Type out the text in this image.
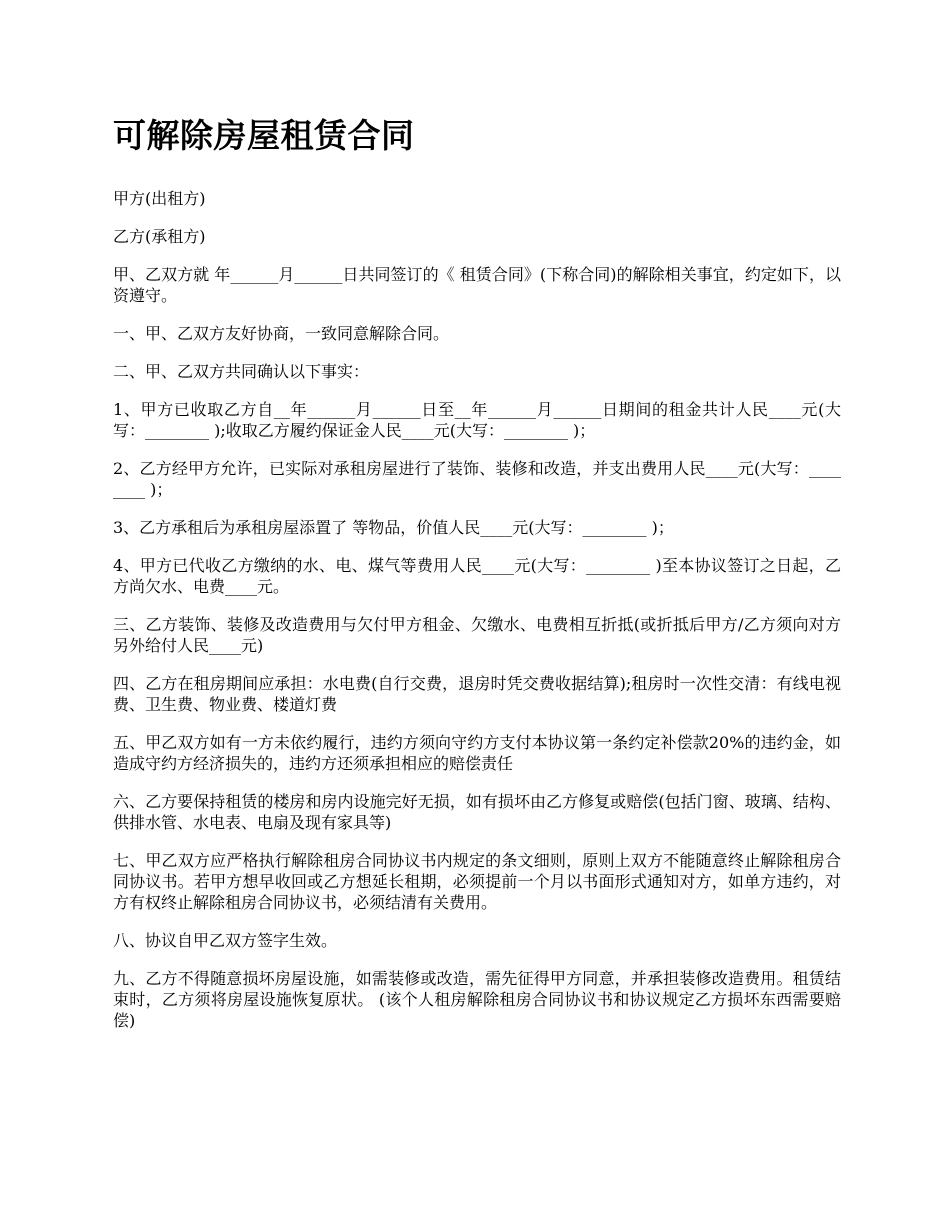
可解除房屋租赁合同

甲方(出租方)

乙方(承租方)

甲、乙双方就 年______月______日共同签订的《 租赁合同》(下称合同)的解除相关事宜，约定如下，以资遵守。

一、甲、乙双方友好协商，一致同意解除合同。

二、甲、乙双方共同确认以下事实：

1、甲方已收取乙方自__年______月______日至__年______月______日期间的租金共计人民____元(大写：________ );收取乙方履约保证金人民____元(大写：________ )；

2、乙方经甲方允许，已实际对承租房屋进行了装饰、装修和改造，并支出费用人民____元(大写：________ )；

3、乙方承租后为承租房屋添置了 等物品，价值人民____元(大写：________ )；

4、甲方已代收乙方缴纳的水、电、煤气等费用人民____元(大写：________ )至本协议签订之日起，乙方尚欠水、电费____元。

三、乙方装饰、装修及改造费用与欠付甲方租金、欠缴水、电费相互折抵(或折抵后甲方/乙方须向对方另外给付人民____元)

四、乙方在租房期间应承担：水电费(自行交费，退房时凭交费收据结算);租房时一次性交清：有线电视费、卫生费、物业费、楼道灯费

五、甲乙双方如有一方未依约履行，违约方须向守约方支付本协议第一条约定补偿款20%的违约金，如造成守约方经济损失的，违约方还须承担相应的赔偿责任

六、乙方要保持租赁的楼房和房内设施完好无损，如有损坏由乙方修复或赔偿(包括门窗、玻璃、结构、供排水管、水电表、电扇及现有家具等)

七、甲乙双方应严格执行解除租房合同协议书内规定的条文细则，原则上双方不能随意终止解除租房合同协议书。若甲方想早收回或乙方想延长租期，必须提前一个月以书面形式通知对方，如单方违约，对方有权终止解除租房合同协议书，必须结清有关费用。

八、协议自甲乙双方签字生效。

九、乙方不得随意损坏房屋设施，如需装修或改造，需先征得甲方同意，并承担装修改造费用。租赁结束时，乙方须将房屋设施恢复原状。 (该个人租房解除租房合同协议书和协议规定乙方损坏东西需要赔偿)
